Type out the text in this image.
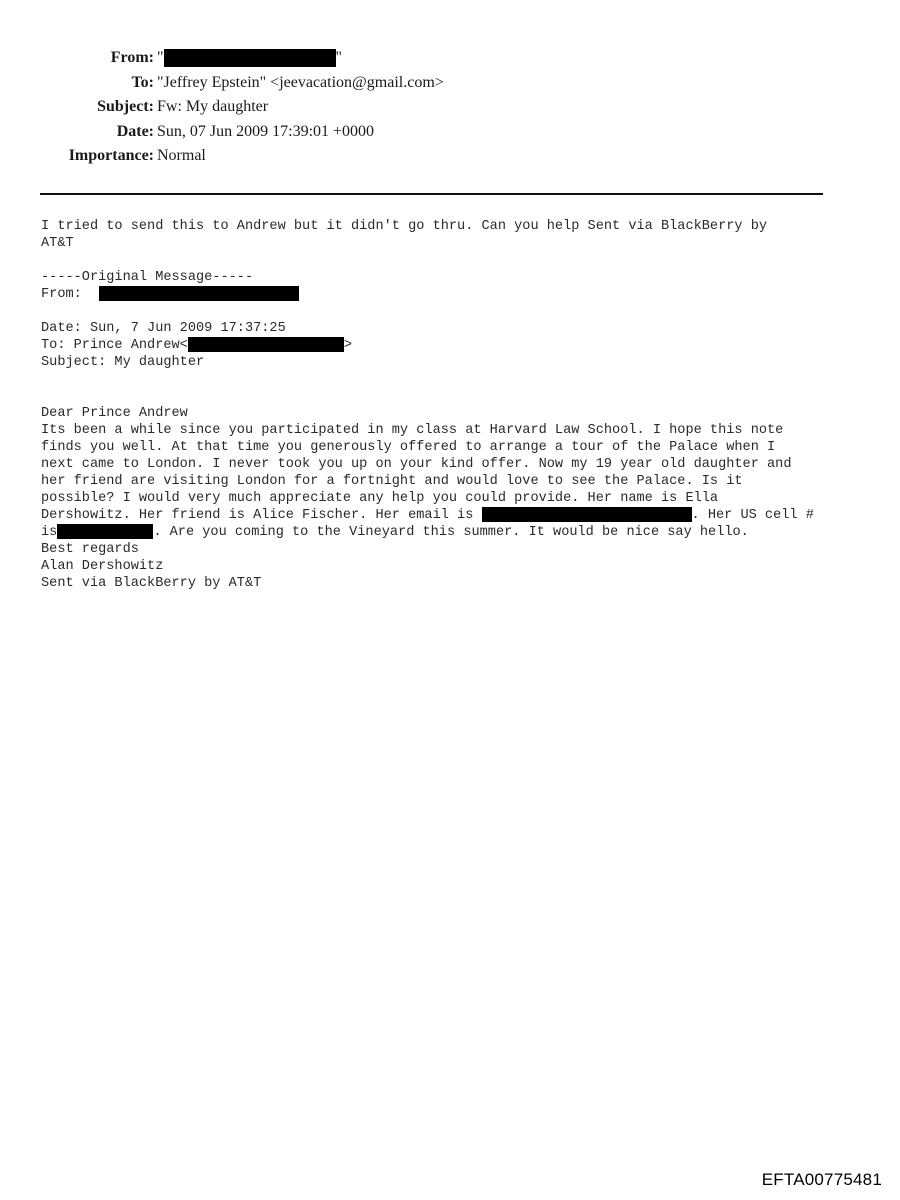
From: "	"
To: "Jeffrey Epstein" <jeevacation@gmail.com>
Subject: Fw: My daughter
Date: Sun, 07 Jun 2009 17:39:01 +0000
Importance: Normal
I tried to send this to Andrew but it didn't go thru. Can you help Sent via BlackBerry by
AT&T
-----Original Message-----
From:
Date: Sun, 7 Jun 2009 17:37:25
To: Prince Andrew<	>
Subject: My daughter
Dear Prince Andrew
Its been a while since you participated in my class at Harvard Law School. I hope this note
finds you well. At that time you generously offered to arrange a tour of the Palace when I
next came to London. I never took you up on your kind offer. Now my 19 year old daughter and
her friend are visiting London for a fortnight and would love to see the Palace. Is it
possible? I would very much appreciate any help you could provide. Her name is Ella
Dershowitz. Her friend is Alice Fischer. Her email is	. Her US cell #
is	. Are you coming to the Vineyard this summer. It would be nice say hello.
Best regards
Alan Dershowitz
Sent via BlackBerry by AT&T
EFTA00775481
